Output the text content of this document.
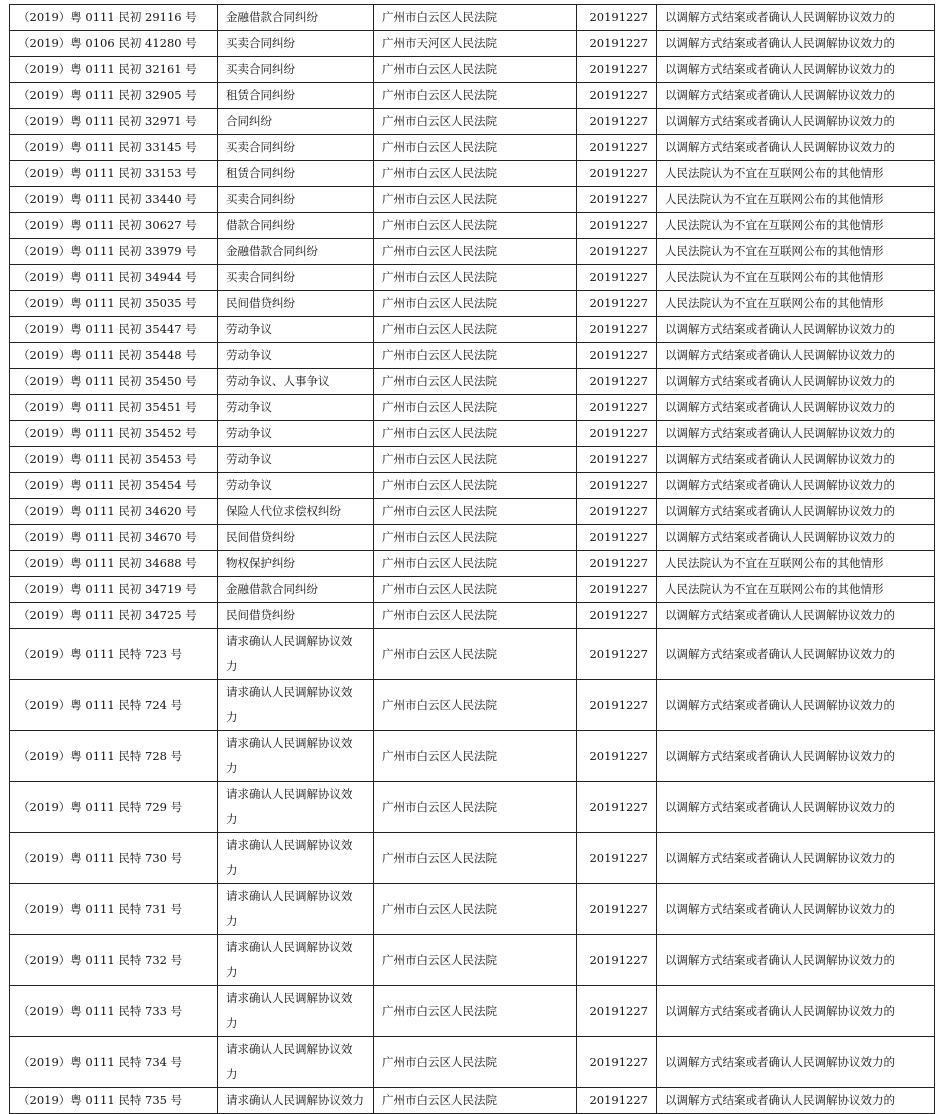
（2019）粤 0111 民初 29116 号	金融借款合同纠纷	广州市白云区人民法院	20191227	以调解方式结案或者确认人民调解协议效力的
（2019）粤 0106 民初 41280 号	买卖合同纠纷	广州市天河区人民法院	20191227	以调解方式结案或者确认人民调解协议效力的
（2019）粤 0111 民初 32161 号	买卖合同纠纷	广州市白云区人民法院	20191227	以调解方式结案或者确认人民调解协议效力的
（2019）粤 0111 民初 32905 号	租赁合同纠纷	广州市白云区人民法院	20191227	以调解方式结案或者确认人民调解协议效力的
（2019）粤 0111 民初 32971 号	合同纠纷	广州市白云区人民法院	20191227	以调解方式结案或者确认人民调解协议效力的
（2019）粤 0111 民初 33145 号	买卖合同纠纷	广州市白云区人民法院	20191227	以调解方式结案或者确认人民调解协议效力的
（2019）粤 0111 民初 33153 号	租赁合同纠纷	广州市白云区人民法院	20191227	人民法院认为不宜在互联网公布的其他情形
（2019）粤 0111 民初 33440 号	买卖合同纠纷	广州市白云区人民法院	20191227	人民法院认为不宜在互联网公布的其他情形
（2019）粤 0111 民初 30627 号	借款合同纠纷	广州市白云区人民法院	20191227	人民法院认为不宜在互联网公布的其他情形
（2019）粤 0111 民初 33979 号	金融借款合同纠纷	广州市白云区人民法院	20191227	人民法院认为不宜在互联网公布的其他情形
（2019）粤 0111 民初 34944 号	买卖合同纠纷	广州市白云区人民法院	20191227	人民法院认为不宜在互联网公布的其他情形
（2019）粤 0111 民初 35035 号	民间借贷纠纷	广州市白云区人民法院	20191227	人民法院认为不宜在互联网公布的其他情形
（2019）粤 0111 民初 35447 号	劳动争议	广州市白云区人民法院	20191227	以调解方式结案或者确认人民调解协议效力的
（2019）粤 0111 民初 35448 号	劳动争议	广州市白云区人民法院	20191227	以调解方式结案或者确认人民调解协议效力的
（2019）粤 0111 民初 35450 号	劳动争议、人事争议	广州市白云区人民法院	20191227	以调解方式结案或者确认人民调解协议效力的
（2019）粤 0111 民初 35451 号	劳动争议	广州市白云区人民法院	20191227	以调解方式结案或者确认人民调解协议效力的
（2019）粤 0111 民初 35452 号	劳动争议	广州市白云区人民法院	20191227	以调解方式结案或者确认人民调解协议效力的
（2019）粤 0111 民初 35453 号	劳动争议	广州市白云区人民法院	20191227	以调解方式结案或者确认人民调解协议效力的
（2019）粤 0111 民初 35454 号	劳动争议	广州市白云区人民法院	20191227	以调解方式结案或者确认人民调解协议效力的
（2019）粤 0111 民初 34620 号	保险人代位求偿权纠纷	广州市白云区人民法院	20191227	以调解方式结案或者确认人民调解协议效力的
（2019）粤 0111 民初 34670 号	民间借贷纠纷	广州市白云区人民法院	20191227	以调解方式结案或者确认人民调解协议效力的
（2019）粤 0111 民初 34688 号	物权保护纠纷	广州市白云区人民法院	20191227	人民法院认为不宜在互联网公布的其他情形
（2019）粤 0111 民初 34719 号	金融借款合同纠纷	广州市白云区人民法院	20191227	人民法院认为不宜在互联网公布的其他情形
（2019）粤 0111 民初 34725 号	民间借贷纠纷	广州市白云区人民法院	20191227	以调解方式结案或者确认人民调解协议效力的
（2019）粤 0111 民特 723 号	请求确认人民调解协议效力	广州市白云区人民法院	20191227	以调解方式结案或者确认人民调解协议效力的
（2019）粤 0111 民特 724 号	请求确认人民调解协议效力	广州市白云区人民法院	20191227	以调解方式结案或者确认人民调解协议效力的
（2019）粤 0111 民特 728 号	请求确认人民调解协议效力	广州市白云区人民法院	20191227	以调解方式结案或者确认人民调解协议效力的
（2019）粤 0111 民特 729 号	请求确认人民调解协议效力	广州市白云区人民法院	20191227	以调解方式结案或者确认人民调解协议效力的
（2019）粤 0111 民特 730 号	请求确认人民调解协议效力	广州市白云区人民法院	20191227	以调解方式结案或者确认人民调解协议效力的
（2019）粤 0111 民特 731 号	请求确认人民调解协议效力	广州市白云区人民法院	20191227	以调解方式结案或者确认人民调解协议效力的
（2019）粤 0111 民特 732 号	请求确认人民调解协议效力	广州市白云区人民法院	20191227	以调解方式结案或者确认人民调解协议效力的
（2019）粤 0111 民特 733 号	请求确认人民调解协议效力	广州市白云区人民法院	20191227	以调解方式结案或者确认人民调解协议效力的
（2019）粤 0111 民特 734 号	请求确认人民调解协议效力	广州市白云区人民法院	20191227	以调解方式结案或者确认人民调解协议效力的
（2019）粤 0111 民特 735 号	请求确认人民调解协议效力	广州市白云区人民法院	20191227	以调解方式结案或者确认人民调解协议效力的
